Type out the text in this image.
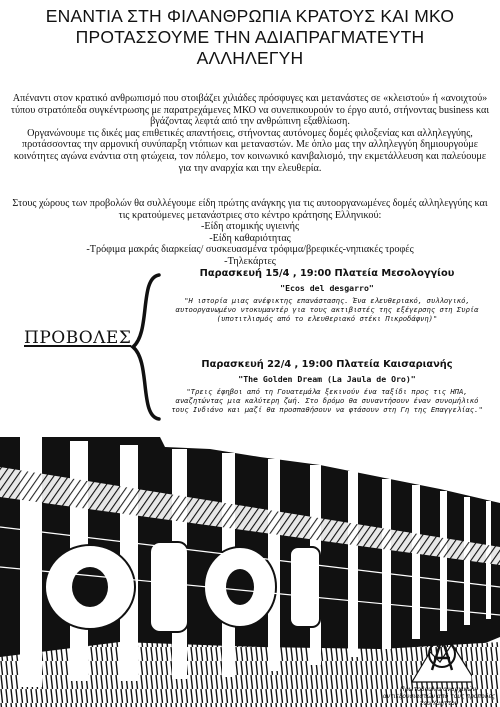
ΕΝΑΝΤΙΑ ΣΤΗ ΦΙΛΑΝΘΡΩΠΙΑ ΚΡΑΤΟΥΣ ΚΑΙ ΜΚΟ
ΠΡΟΤΑΣΣΟΥΜΕ ΤΗΝ ΑΔΙΑΠΡΑΓΜΑΤΕΥΤΗ
ΑΛΛΗΛΕΓΥΗ

Απέναντι στον κρατικό ανθρωπισμό που στοιβάζει χιλιάδες πρόσφυγες και μετανάστες σε «κλειστού» ή «ανοιχτού» τύπου στρατόπεδα συγκέντρωσης με παρατρεχάμενες ΜΚΟ να συνεπικουρούν το έργο αυτό, στήνοντας business και βγάζοντας λεφτά από την ανθρώπινη εξαθλίωση.

Οργανώνουμε τις δικές μας επιθετικές απαντήσεις, στήνοντας αυτόνομες δομές φιλοξενίας και αλληλεγγύης, προτάσσοντας την αρμονική συνύπαρξη ντόπιων και μεταναστών. Με όπλο μας την αλληλεγγύη δημιουργούμε κοινότητες αγώνα ενάντια στη φτώχεια, τον πόλεμο, τον κοινωνικό κανιβαλισμό, την εκμετάλλευση και παλεύουμε για την αναρχία και την ελευθερία.

Στους χώρους των προβολών θα συλλέγουμε είδη πρώτης ανάγκης για τις αυτοοργανωμένες δομές αλληλεγγύης και τις κρατούμενες μετανάστριες στο κέντρο κράτησης Ελληνικού:

-Είδη ατομικής υγιεινής

-Είδη καθαριότητας

-Τρόφιμα μακράς διαρκείας/ συσκευασμένα τρόφιμα/βρεφικές-νηπιακές τροφές

-Τηλεκάρτες

ΠΡΟΒΟΛΕΣ
Παρασκευή 15/4 , 19:00 Πλατεία Μεσολογγίου
"Ecos del desgarro"
"Η ιστορία μιας ανέφικτης επανάστασης. Ένα ελευθεριακό, συλλογικό, αυτοοργανωμένο ντοκυμαντέρ για τους ακτιβιστές της εξέγερσης στη Συρία (υποτιτλισμός από το ελευθεριακό στέκι Πικροδάφνη)"
Παρασκευή 22/4 , 19:00 Πλατεία Καισαριανής
"The Golden Dream (La Jaula de Oro)"
"Τρεις έφηβοι από τη Γουατεμάλα ξεκινούν ένα ταξίδι προς τις ΗΠΑ, αναζητώντας μια καλύτερη ζωή. Στο δρόμο θα συναντήσουν έναν συνομήλικό τους Ινδιάνο και μαζί θα προσπαθήσουν να φτάσουν στη Γη της Επαγγελίας."
Πρωτοβουλία αναρχικών-αντιεξουσιαστών από τους πρόποδες του Υμηττού
